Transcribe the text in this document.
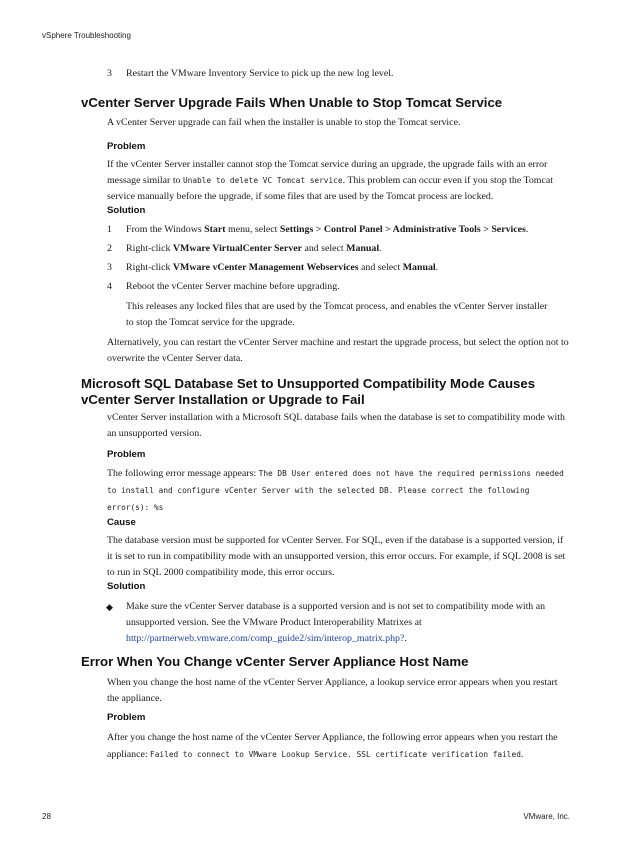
vSphere Troubleshooting
3 Restart the VMware Inventory Service to pick up the new log level.
vCenter Server Upgrade Fails When Unable to Stop Tomcat Service

A vCenter Server upgrade can fail when the installer is unable to stop the Tomcat service.

Problem

If the vCenter Server installer cannot stop the Tomcat service during an upgrade, the upgrade fails with an error message similar to Unable to delete VC Tomcat service. This problem can occur even if you stop the Tomcat service manually before the upgrade, if some files that are used by the Tomcat process are locked.

Solution
1 From the Windows Start menu, select Settings > Control Panel > Administrative Tools > Services.
2 Right-click VMware VirtualCenter Server and select Manual.
3 Right-click VMware vCenter Management Webservices and select Manual.
4 Reboot the vCenter Server machine before upgrading.

This releases any locked files that are used by the Tomcat process, and enables the vCenter Server installer to stop the Tomcat service for the upgrade.

Alternatively, you can restart the vCenter Server machine and restart the upgrade process, but select the option not to overwrite the vCenter Server data.

Microsoft SQL Database Set to Unsupported Compatibility Mode Causes
vCenter Server Installation or Upgrade to Fail

vCenter Server installation with a Microsoft SQL database fails when the database is set to compatibility mode with an unsupported version.

Problem

The following error message appears: The DB User entered does not have the required permissions needed to install and configure vCenter Server with the selected DB. Please correct the following error(s): %s

Cause

The database version must be supported for vCenter Server. For SQL, even if the database is a supported version, if it is set to run in compatibility mode with an unsupported version, this error occurs. For example, if SQL 2008 is set to run in SQL 2000 compatibility mode, this error occurs.

Solution
◆ Make sure the vCenter Server database is a supported version and is not set to compatibility mode with an unsupported version. See the VMware Product Interoperability Matrixes at http://partnerweb.vmware.com/comp_guide2/sim/interop_matrix.php?.

Error When You Change vCenter Server Appliance Host Name

When you change the host name of the vCenter Server Appliance, a lookup service error appears when you restart the appliance.

Problem

After you change the host name of the vCenter Server Appliance, the following error appears when you restart the appliance: Failed to connect to VMware Lookup Service. SSL certificate verification failed.

28	VMware, Inc.
